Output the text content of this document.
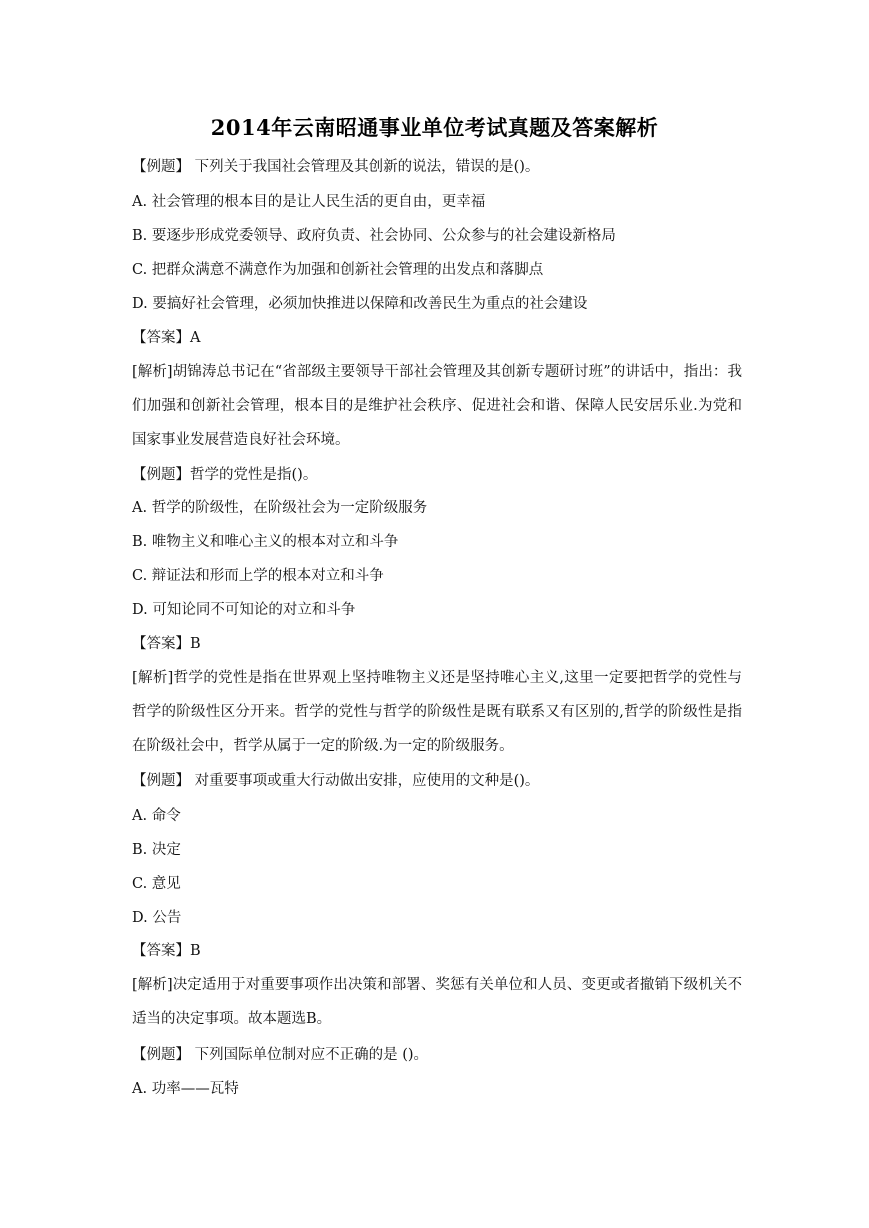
2014年云南昭通事业单位考试真题及答案解析
【例题】 下列关于我国社会管理及其创新的说法，错误的是()。
A. 社会管理的根本目的是让人民生活的更自由，更幸福
B. 要逐步形成党委领导、政府负责、社会协同、公众参与的社会建设新格局
C. 把群众满意不满意作为加强和创新社会管理的出发点和落脚点
D. 要搞好社会管理，必须加快推进以保障和改善民生为重点的社会建设
【答案】A
[解析]胡锦涛总书记在“省部级主要领导干部社会管理及其创新专题研讨班”的讲话中，指出：我们加强和创新社会管理，根本目的是维护社会秩序、促进社会和谐、保障人民安居乐业.为党和国家事业发展营造良好社会环境。
【例题】哲学的党性是指()。
A. 哲学的阶级性，在阶级社会为一定阶级服务
B. 唯物主义和唯心主义的根本对立和斗争
C. 辩证法和形而上学的根本对立和斗争
D. 可知论同不可知论的对立和斗争
【答案】B
[解析]哲学的党性是指在世界观上坚持唯物主义还是坚持唯心主义,这里一定要把哲学的党性与哲学的阶级性区分开来。哲学的党性与哲学的阶级性是既有联系又有区别的,哲学的阶级性是指在阶级社会中，哲学从属于一定的阶级.为一定的阶级服务。
【例题】 对重要事项或重大行动做出安排，应使用的文种是()。
A. 命令
B. 决定
C. 意见
D. 公告
【答案】B
[解析]决定适用于对重要事项作出决策和部署、奖惩有关单位和人员、变更或者撤销下级机关不适当的决定事项。故本题选B。
【例题】 下列国际单位制对应不正确的是 ()。
A. 功率——瓦特
